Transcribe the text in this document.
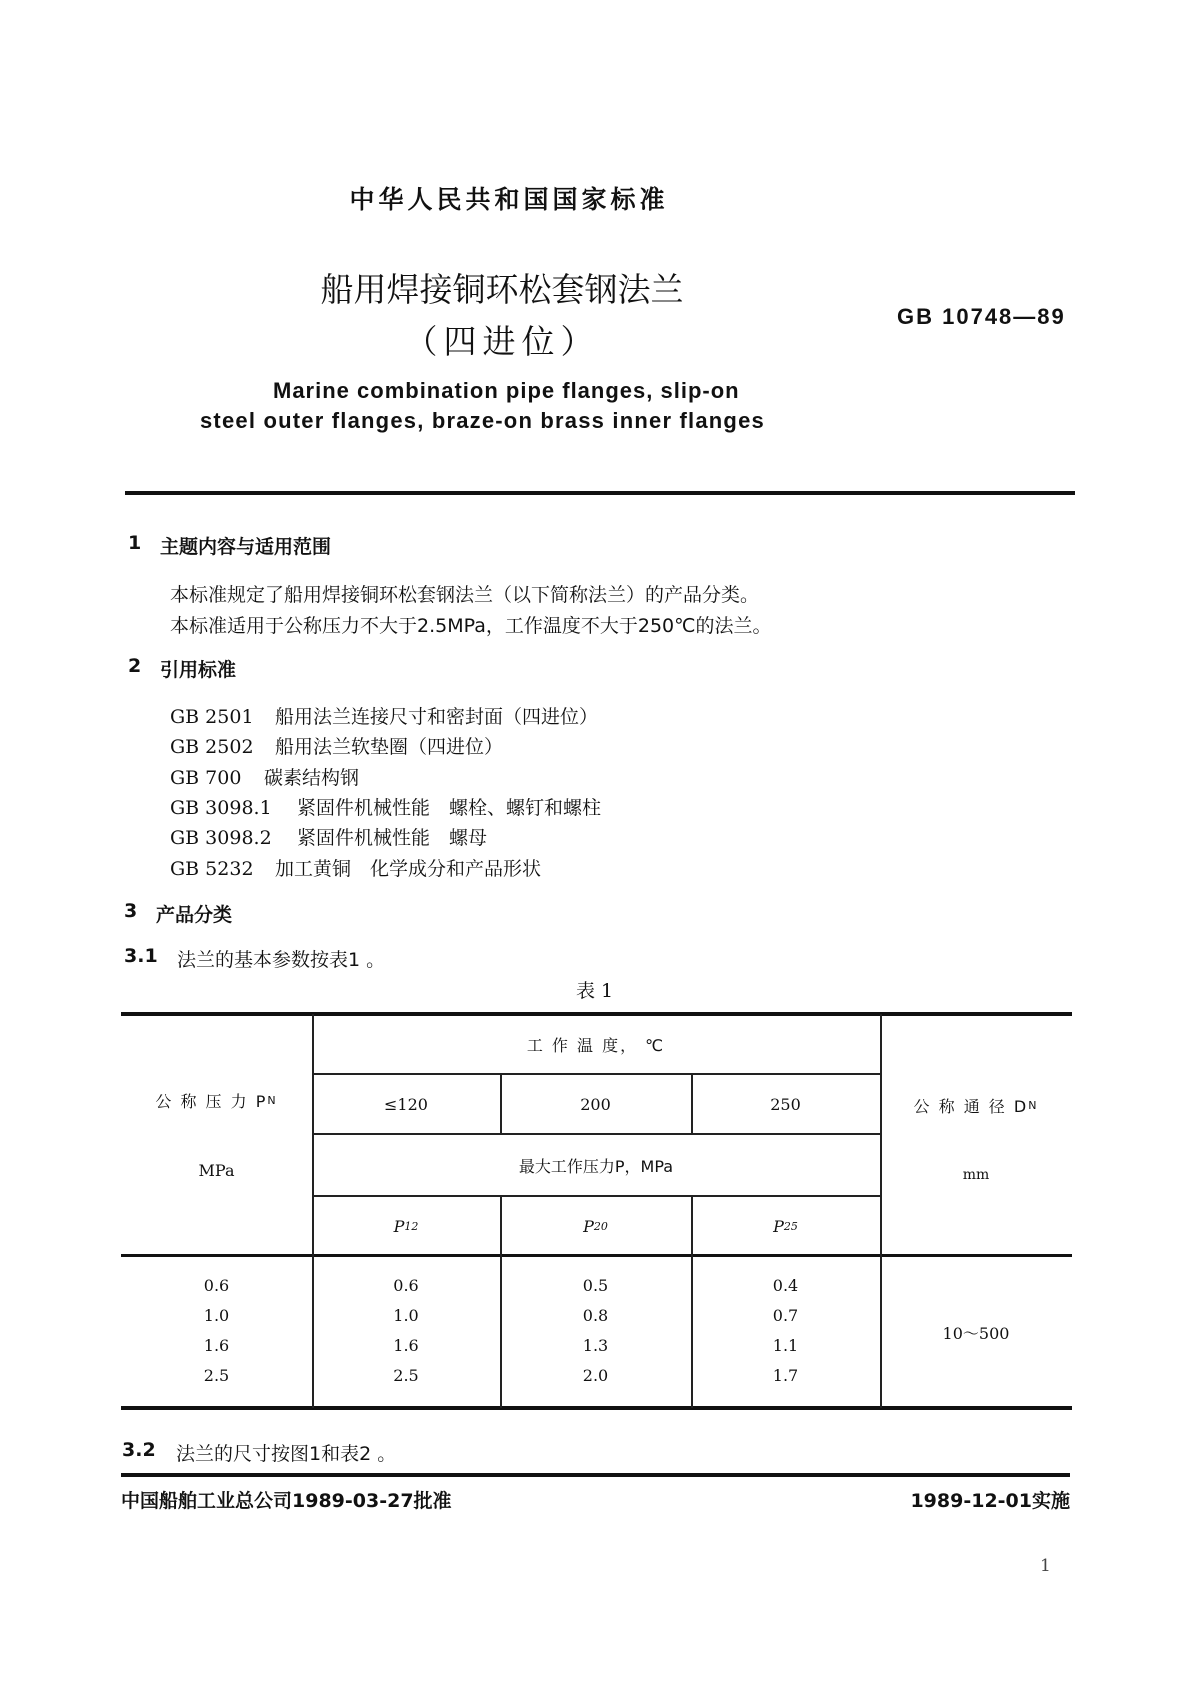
中华人民共和国国家标准
船用焊接铜环松套钢法兰
（四进位）
GB 10748—89
Marine combination pipe flanges, slip-on
steel outer flanges, braze-on brass inner flanges
1 主题内容与适用范围
本标准规定了船用焊接铜环松套钢法兰（以下简称法兰）的产品分类。
本标准适用于公称压力不大于2.5MPa，工作温度不大于250℃的法兰。
2 引用标准
GB 2501 船用法兰连接尺寸和密封面（四进位）
GB 2502 船用法兰软垫圈（四进位）
GB 700 碳素结构钢
GB 3098.1 紧固件机械性能　螺栓、螺钉和螺柱
GB 3098.2 紧固件机械性能　螺母
GB 5232 加工黄铜　化学成分和产品形状
3 产品分类
3.1 法兰的基本参数按表1 。
表 1
公 称 压 力 P N
MPa
工 作 温 度， ℃
≤120	200	250
最大工作压力P，MPa
P 12	P 20	P 25
公 称 通 径 D N
mm
0.6	0.6	0.5	0.4
1.0	1.0	0.8	0.7
1.6	1.6	1.3	1.1
2.5	2.5	2.0	1.7
10～500
3.2 法兰的尺寸按图1和表2 。
中国船舶工业总公司1989-03-27批准	1989-12-01实施
1
